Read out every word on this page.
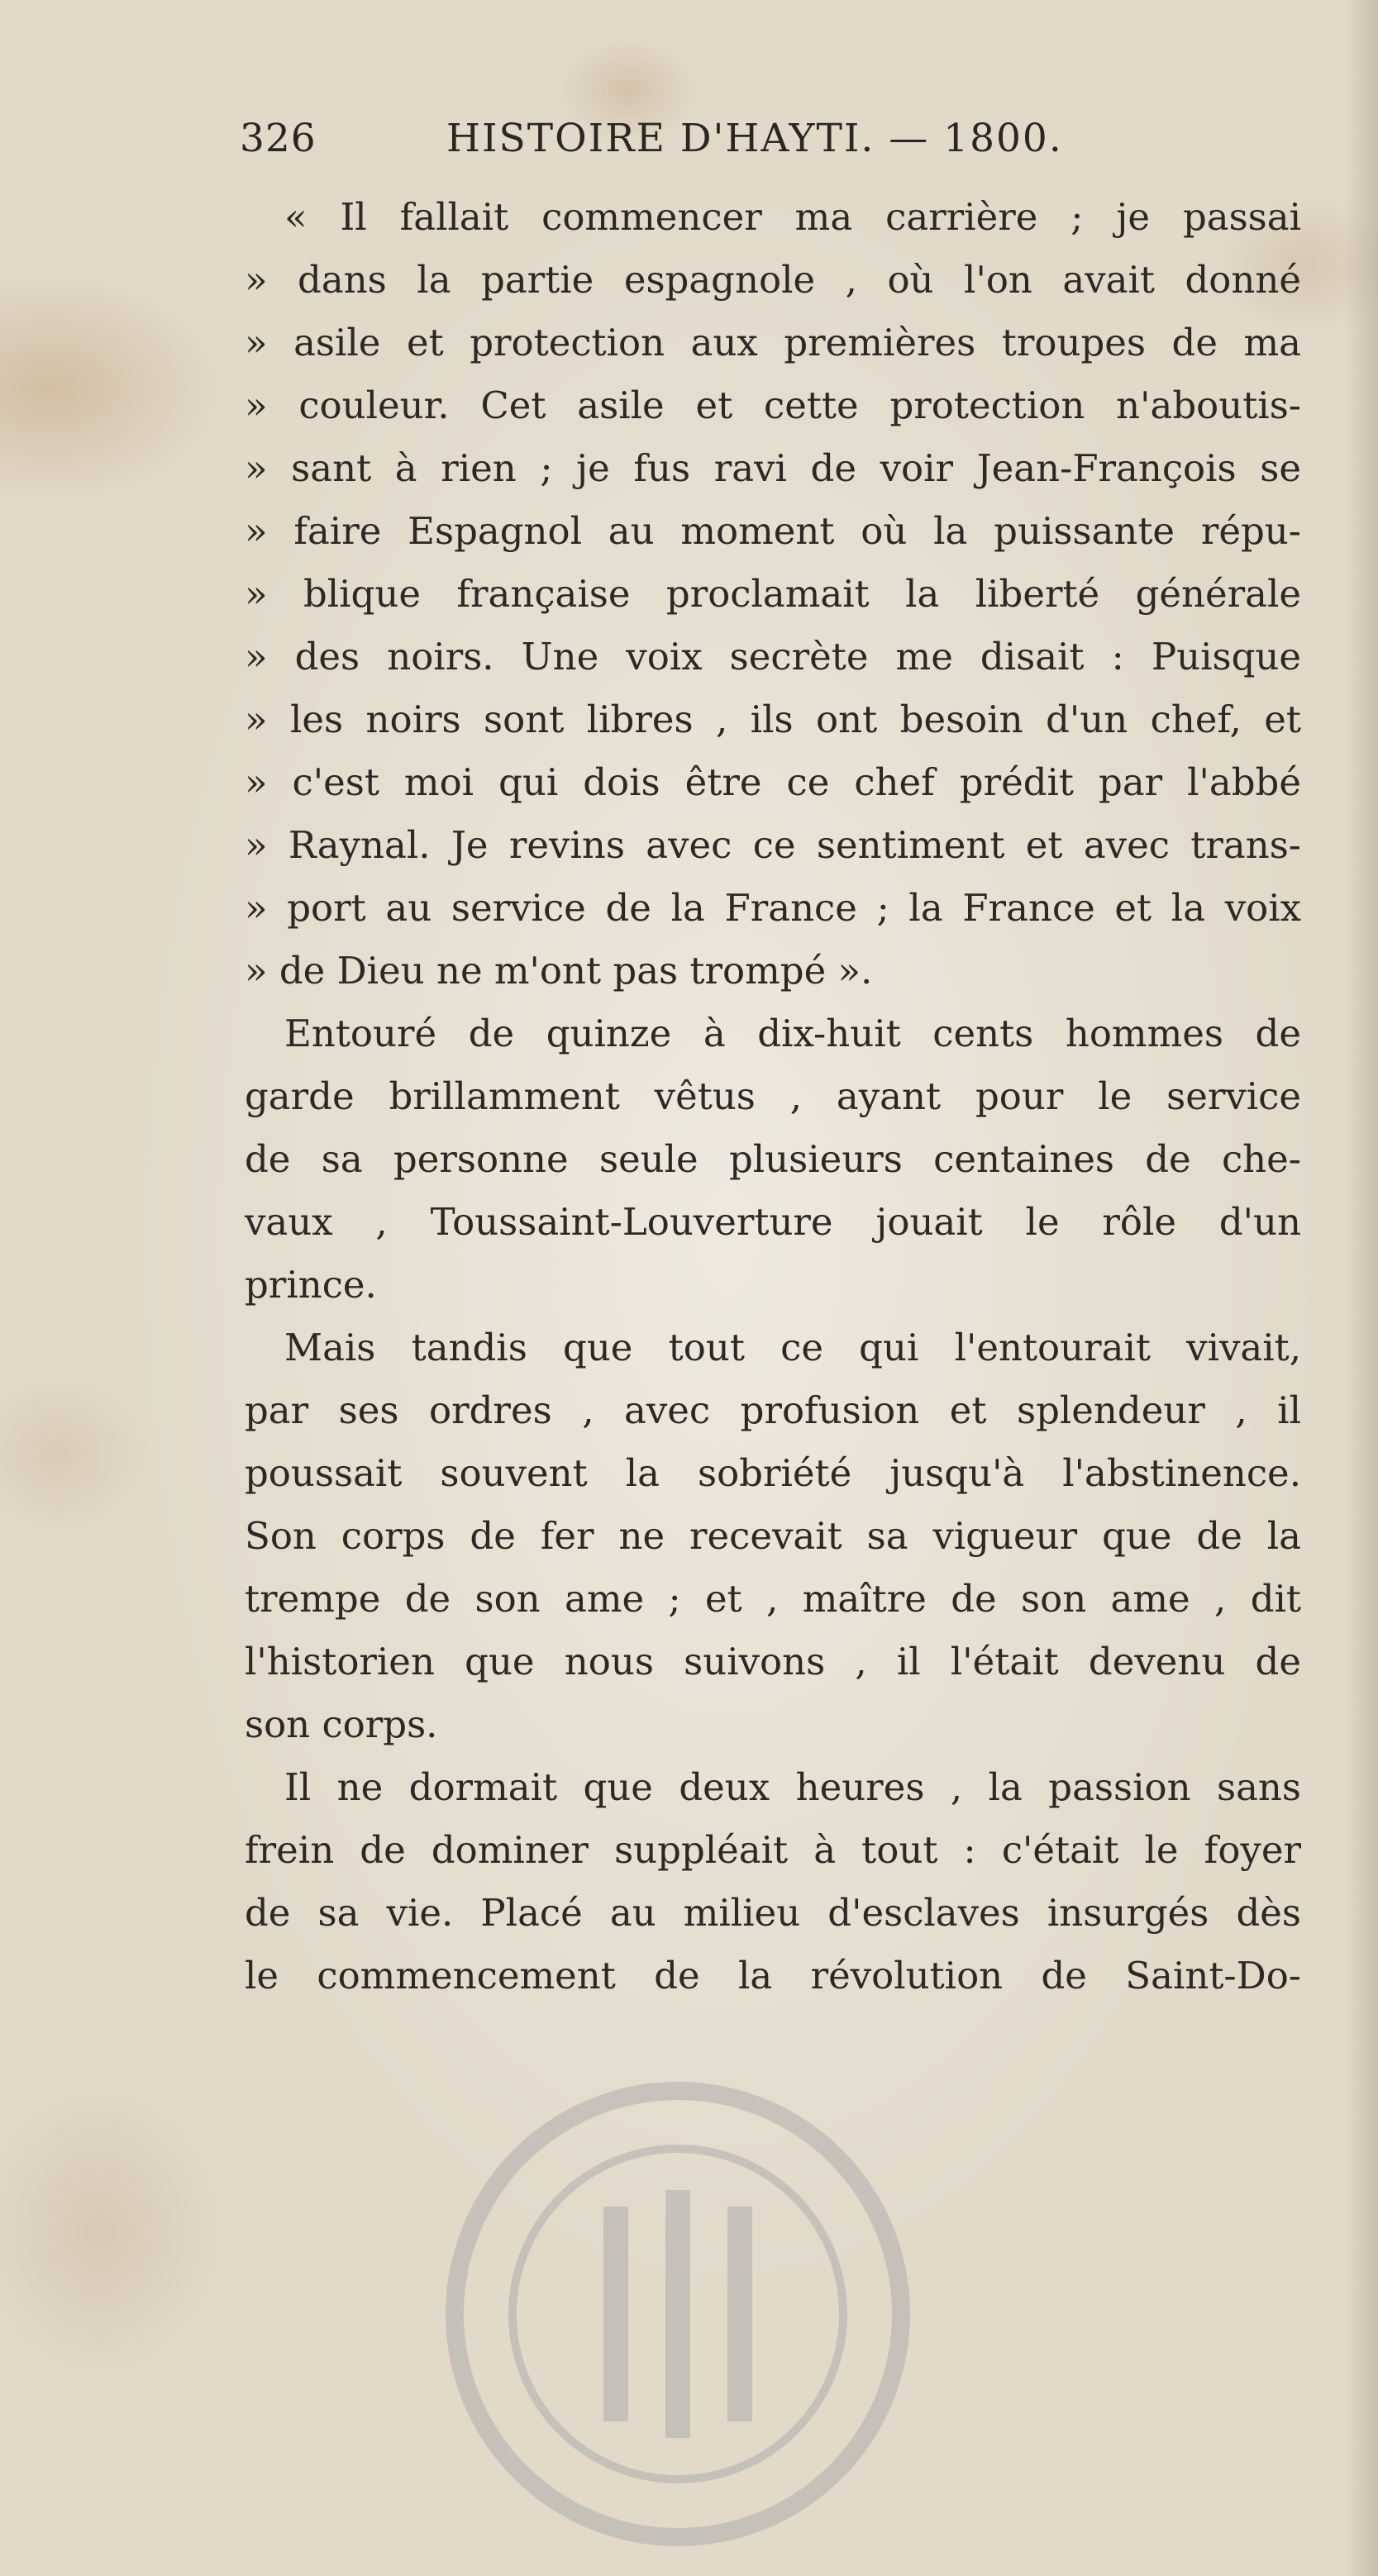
326	HISTOIRE D'HAYTI. — 1800.
« Il fallait commencer ma carrière ; je passai
» dans la partie espagnole , où l'on avait donné
» asile et protection aux premières troupes de ma
» couleur. Cet asile et cette protection n'aboutis-
» sant à rien ; je fus ravi de voir Jean-François se
» faire Espagnol au moment où la puissante répu-
» blique française proclamait la liberté générale
» des noirs. Une voix secrète me disait : Puisque
» les noirs sont libres , ils ont besoin d'un chef, et
» c'est moi qui dois être ce chef prédit par l'abbé
» Raynal. Je revins avec ce sentiment et avec trans-
» port au service de la France ; la France et la voix
» de Dieu ne m'ont pas trompé ».
Entouré de quinze à dix-huit cents hommes de
garde brillamment vêtus , ayant pour le service
de sa personne seule plusieurs centaines de che-
vaux , Toussaint-Louverture jouait le rôle d'un
prince.
Mais tandis que tout ce qui l'entourait vivait,
par ses ordres , avec profusion et splendeur , il
poussait souvent la sobriété jusqu'à l'abstinence.
Son corps de fer ne recevait sa vigueur que de la
trempe de son ame ; et , maître de son ame , dit
l'historien que nous suivons , il l'était devenu de
son corps.
Il ne dormait que deux heures , la passion sans
frein de dominer suppléait à tout : c'était le foyer
de sa vie. Placé au milieu d'esclaves insurgés dès
le commencement de la révolution de Saint-Do-
